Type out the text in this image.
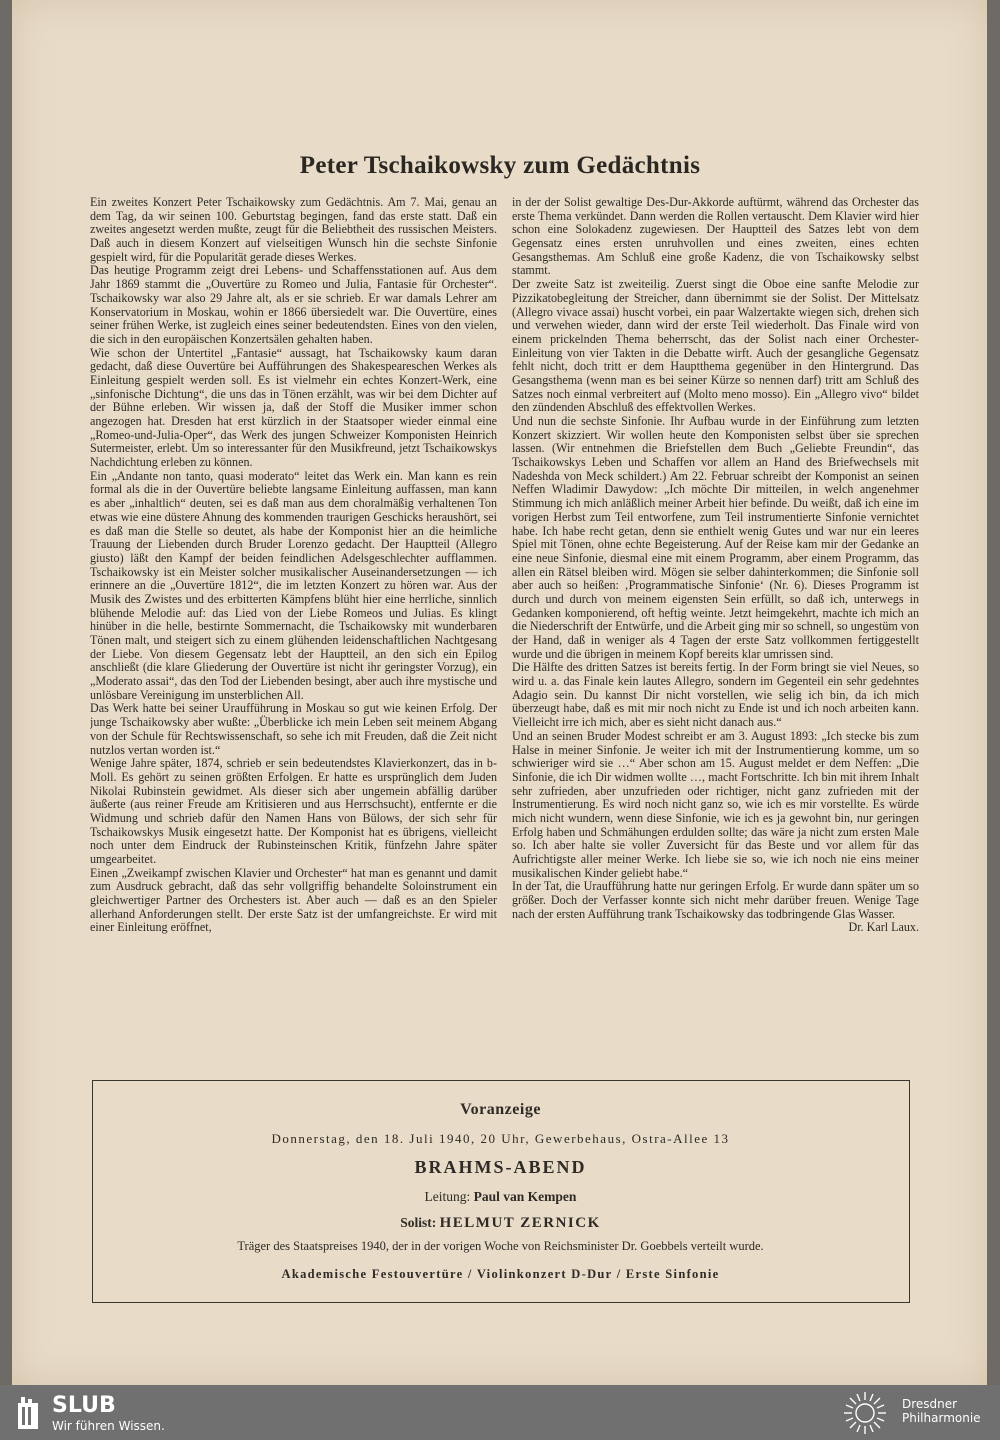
Peter Tschaikowsky zum Gedächtnis

Ein zweites Konzert Peter Tschaikowsky zum Gedächtnis. Am 7. Mai, genau an dem Tag, da wir seinen 100. Geburtstag begingen, fand das erste statt. Daß ein zweites angesetzt werden mußte, zeugt für die Beliebtheit des russischen Meisters. Daß auch in diesem Konzert auf vielseitigen Wunsch hin die sechste Sinfonie gespielt wird, für die Popularität gerade dieses Werkes.

Das heutige Programm zeigt drei Lebens- und Schaffensstationen auf. Aus dem Jahr 1869 stammt die „Ouvertüre zu Romeo und Julia, Fantasie für Orchester“. Tschaikowsky war also 29 Jahre alt, als er sie schrieb. Er war damals Lehrer am Konservatorium in Moskau, wohin er 1866 übersiedelt war. Die Ouvertüre, eines seiner frühen Werke, ist zugleich eines seiner bedeutendsten. Eines von den vielen, die sich in den europäischen Konzertsälen gehalten haben.

Wie schon der Untertitel „Fantasie“ aussagt, hat Tschaikowsky kaum daran gedacht, daß diese Ouvertüre bei Aufführungen des Shakespeareschen Werkes als Einleitung gespielt werden soll. Es ist vielmehr ein echtes Konzert-Werk, eine „sinfonische Dichtung“, die uns das in Tönen erzählt, was wir bei dem Dichter auf der Bühne erleben. Wir wissen ja, daß der Stoff die Musiker immer schon angezogen hat. Dresden hat erst kürzlich in der Staatsoper wieder einmal eine „Romeo-und-Julia-Oper“, das Werk des jungen Schweizer Komponisten Heinrich Sutermeister, erlebt. Um so interessanter für den Musikfreund, jetzt Tschaikowskys Nachdichtung erleben zu können.

Ein „Andante non tanto, quasi moderato“ leitet das Werk ein. Man kann es rein formal als die in der Ouvertüre beliebte langsame Einleitung auffassen, man kann es aber „inhaltlich“ deuten, sei es daß man aus dem choralmäßig verhaltenen Ton etwas wie eine düstere Ahnung des kommenden traurigen Geschicks heraushört, sei es daß man die Stelle so deutet, als habe der Komponist hier an die heimliche Trauung der Liebenden durch Bruder Lorenzo gedacht. Der Hauptteil (Allegro giusto) läßt den Kampf der beiden feindlichen Adelsgeschlechter aufflammen. Tschaikowsky ist ein Meister solcher musikalischer Auseinandersetzungen — ich erinnere an die „Ouvertüre 1812“, die im letzten Konzert zu hören war. Aus der Musik des Zwistes und des erbitterten Kämpfens blüht hier eine herrliche, sinnlich blühende Melodie auf: das Lied von der Liebe Romeos und Julias. Es klingt hinüber in die helle, bestirnte Sommernacht, die Tschaikowsky mit wunderbaren Tönen malt, und steigert sich zu einem glühenden leidenschaftlichen Nachtgesang der Liebe. Von diesem Gegensatz lebt der Hauptteil, an den sich ein Epilog anschließt (die klare Gliederung der Ouvertüre ist nicht ihr geringster Vorzug), ein „Moderato assai“, das den Tod der Liebenden besingt, aber auch ihre mystische und unlösbare Vereinigung im unsterblichen All.

Das Werk hatte bei seiner Uraufführung in Moskau so gut wie keinen Erfolg. Der junge Tschaikowsky aber wußte: „Überblicke ich mein Leben seit meinem Abgang von der Schule für Rechtswissenschaft, so sehe ich mit Freuden, daß die Zeit nicht nutzlos vertan worden ist.“

Wenige Jahre später, 1874, schrieb er sein bedeutendstes Klavierkonzert, das in b-Moll. Es gehört zu seinen größten Erfolgen. Er hatte es ursprünglich dem Juden Nikolai Rubinstein gewidmet. Als dieser sich aber ungemein abfällig darüber äußerte (aus reiner Freude am Kritisieren und aus Herrschsucht), entfernte er die Widmung und schrieb dafür den Namen Hans von Bülows, der sich sehr für Tschaikowskys Musik eingesetzt hatte. Der Komponist hat es übrigens, vielleicht noch unter dem Eindruck der Rubinsteinschen Kritik, fünfzehn Jahre später umgearbeitet.

Einen „Zweikampf zwischen Klavier und Orchester“ hat man es genannt und damit zum Ausdruck gebracht, daß das sehr vollgriffig behandelte Soloinstrument ein gleichwertiger Partner des Orchesters ist. Aber auch — daß es an den Spieler allerhand Anforderungen stellt. Der erste Satz ist der umfangreichste. Er wird mit einer Einleitung eröffnet,

in der der Solist gewaltige Des-Dur-Akkorde auftürmt, während das Orchester das erste Thema verkündet. Dann werden die Rollen vertauscht. Dem Klavier wird hier schon eine Solokadenz zugewiesen. Der Hauptteil des Satzes lebt von dem Gegensatz eines ersten unruhvollen und eines zweiten, eines echten Gesangsthemas. Am Schluß eine große Kadenz, die von Tschaikowsky selbst stammt.

Der zweite Satz ist zweiteilig. Zuerst singt die Oboe eine sanfte Melodie zur Pizzikatobegleitung der Streicher, dann übernimmt sie der Solist. Der Mittelsatz (Allegro vivace assai) huscht vorbei, ein paar Walzertakte wiegen sich, drehen sich und verwehen wieder, dann wird der erste Teil wiederholt. Das Finale wird von einem prickelnden Thema beherrscht, das der Solist nach einer Orchester-Einleitung von vier Takten in die Debatte wirft. Auch der gesangliche Gegensatz fehlt nicht, doch tritt er dem Hauptthema gegenüber in den Hintergrund. Das Gesangsthema (wenn man es bei seiner Kürze so nennen darf) tritt am Schluß des Satzes noch einmal verbreitert auf (Molto meno mosso). Ein „Allegro vivo“ bildet den zündenden Abschluß des effektvollen Werkes.

Und nun die sechste Sinfonie. Ihr Aufbau wurde in der Einführung zum letzten Konzert skizziert. Wir wollen heute den Komponisten selbst über sie sprechen lassen. (Wir entnehmen die Briefstellen dem Buch „Geliebte Freundin“, das Tschaikowskys Leben und Schaffen vor allem an Hand des Briefwechsels mit Nadeshda von Meck schildert.) Am 22. Februar schreibt der Komponist an seinen Neffen Wladimir Dawydow: „Ich möchte Dir mitteilen, in welch angenehmer Stimmung ich mich anläßlich meiner Arbeit hier befinde. Du weißt, daß ich eine im vorigen Herbst zum Teil entworfene, zum Teil instrumentierte Sinfonie vernichtet habe. Ich habe recht getan, denn sie enthielt wenig Gutes und war nur ein leeres Spiel mit Tönen, ohne echte Begeisterung. Auf der Reise kam mir der Gedanke an eine neue Sinfonie, diesmal eine mit einem Programm, aber einem Programm, das allen ein Rätsel bleiben wird. Mögen sie selber dahinterkommen; die Sinfonie soll aber auch so heißen: ‚Programmatische Sinfonie‘ (Nr. 6). Dieses Programm ist durch und durch von meinem eigensten Sein erfüllt, so daß ich, unterwegs in Gedanken komponierend, oft heftig weinte. Jetzt heimgekehrt, machte ich mich an die Niederschrift der Entwürfe, und die Arbeit ging mir so schnell, so ungestüm von der Hand, daß in weniger als 4 Tagen der erste Satz vollkommen fertiggestellt wurde und die übrigen in meinem Kopf bereits klar umrissen sind.

Die Hälfte des dritten Satzes ist bereits fertig. In der Form bringt sie viel Neues, so wird u. a. das Finale kein lautes Allegro, sondern im Gegenteil ein sehr gedehntes Adagio sein. Du kannst Dir nicht vorstellen, wie selig ich bin, da ich mich überzeugt habe, daß es mit mir noch nicht zu Ende ist und ich noch arbeiten kann. Vielleicht irre ich mich, aber es sieht nicht danach aus.“

Und an seinen Bruder Modest schreibt er am 3. August 1893: „Ich stecke bis zum Halse in meiner Sinfonie. Je weiter ich mit der Instrumentierung komme, um so schwieriger wird sie …“ Aber schon am 15. August meldet er dem Neffen: „Die Sinfonie, die ich Dir widmen wollte …, macht Fortschritte. Ich bin mit ihrem Inhalt sehr zufrieden, aber unzufrieden oder richtiger, nicht ganz zufrieden mit der Instrumentierung. Es wird noch nicht ganz so, wie ich es mir vorstellte. Es würde mich nicht wundern, wenn diese Sinfonie, wie ich es ja gewohnt bin, nur geringen Erfolg haben und Schmähungen erdulden sollte; das wäre ja nicht zum ersten Male so. Ich aber halte sie voller Zuversicht für das Beste und vor allem für das Aufrichtigste aller meiner Werke. Ich liebe sie so, wie ich noch nie eins meiner musikalischen Kinder geliebt habe.“

In der Tat, die Uraufführung hatte nur geringen Erfolg. Er wurde dann später um so größer. Doch der Verfasser konnte sich nicht mehr darüber freuen. Wenige Tage nach der ersten Aufführung trank Tschaikowsky das todbringende Glas Wasser.

Dr. Karl Laux.

Voranzeige

Donnerstag, den 18. Juli 1940, 20 Uhr, Gewerbehaus, Ostra-Allee 13

BRAHMS-ABEND

Leitung: Paul van Kempen

Solist: HELMUT ZERNICK

Träger des Staatspreises 1940, der in der vorigen Woche von Reichsminister Dr. Goebbels verteilt wurde.

Akademische Festouvertüre / Violinkonzert D-Dur / Erste Sinfonie

SLUB

Wir führen Wissen.

Dresdner
Philharmonie
